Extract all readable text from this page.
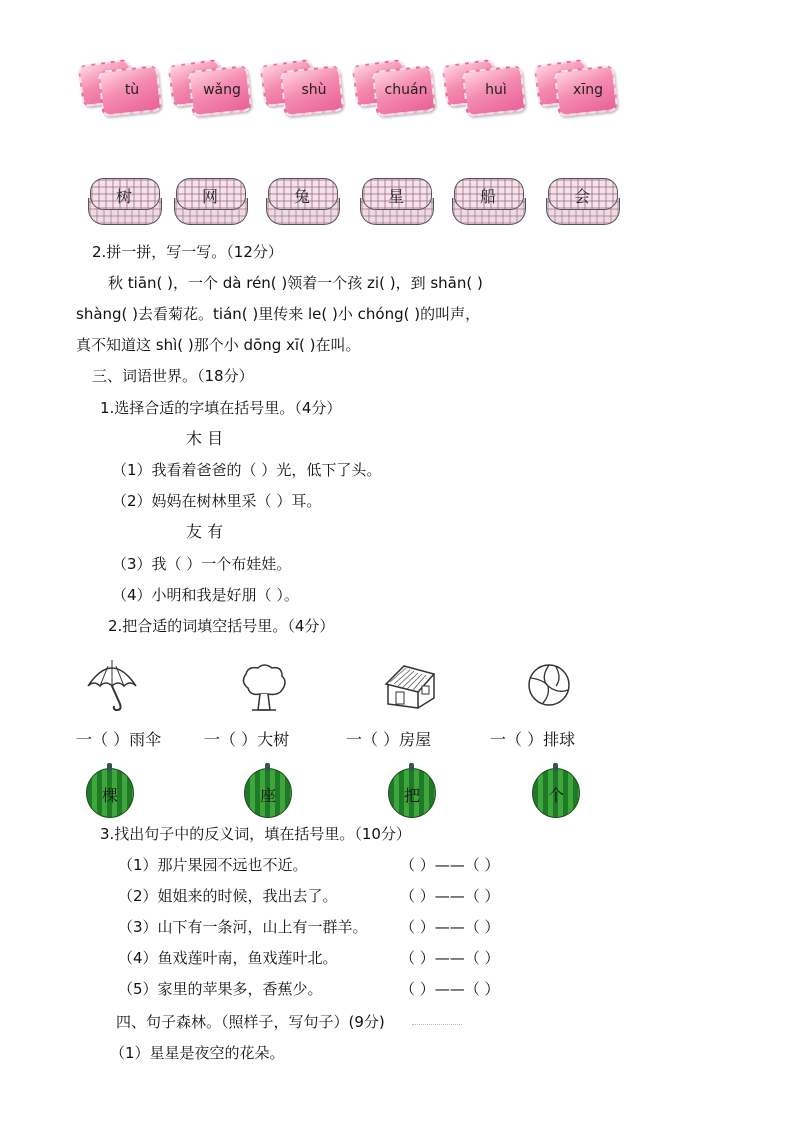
tù	wǎng	shù	chuán	huì	xīng
树	网	兔	星	船	会
2.拼一拼，写一写。（12分）
秋 tiān( )，一个 dà rén( )领着一个孩 zi( )，到 shān( )
shàng( )去看菊花。tián( )里传来 le( )小 chóng( )的叫声，
真不知道这 shì( )那个小 dōng xī( )在叫。
三、词语世界。（18分）
1.选择合适的字填在括号里。（4分）
木 目
（1）我看着爸爸的（ ）光，低下了头。
（2）妈妈在树林里采（ ）耳。
友 有
（3）我（ ）一个布娃娃。
（4）小明和我是好朋（ ）。
2.把合适的词填空括号里。（4分）
一（ ）雨伞	一（ ）大树	一（ ）房屋	一（ ）排球
棵	座	把	个
3.找出句子中的反义词，填在括号里。（10分）
（1）那片果园不远也不近。	（ ）——（ ）
（2）姐姐来的时候，我出去了。	（ ）——（ ）
（3）山下有一条河，山上有一群羊。 （ ）——（ ）
（4）鱼戏莲叶南，鱼戏莲叶北。	（ ）——（ ）
（5）家里的苹果多，香蕉少。	（ ）——（ ）
四、句子森林。（照样子，写句子）(9分)
（1）星星是夜空的花朵。
